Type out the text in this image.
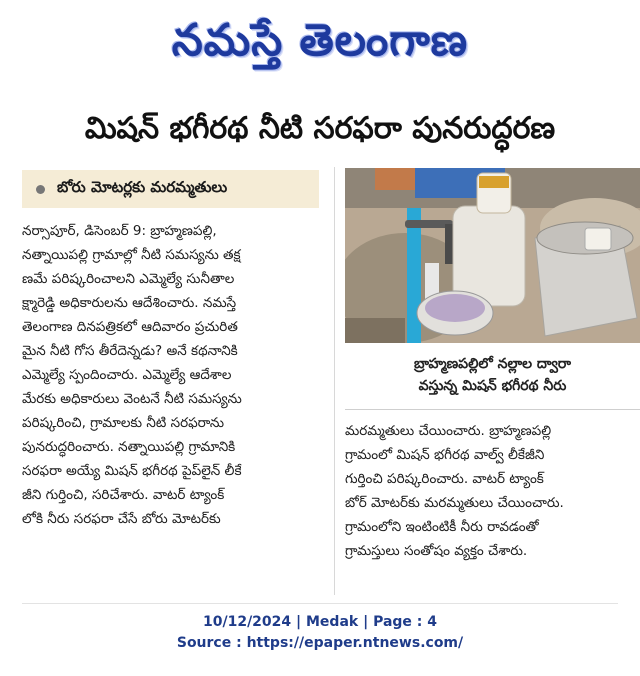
నమస్తే తెలంగాణ
మిషన్ భగీరథ నీటి సరఫరా పునరుద్ధరణ
బోరు మోటర్లకు మరమ్మతులు
నర్సాపూర్, డిసెంబర్ 9: బ్రాహ్మణపల్లి,
నత్నాయిపల్లి గ్రామాల్లో నీటి సమస్యను తక్ష
ణమే పరిష్కరించాలని ఎమ్మెల్యే సునీతాల
క్ష్మారెడ్డి అధికారులను ఆదేశించారు. నమస్తే
తెలంగాణ దినపత్రికలో ఆదివారం ప్రచురిత
మైన నీటి గోస తీరేదెన్నడు? అనే కథనానికి
ఎమ్మెల్యే స్పందించారు. ఎమ్మెల్యే ఆదేశాల
మేరకు అధికారులు వెంటనే నీటి సమస్యను
పరిష్కరించి, గ్రామాలకు నీటి సరఫరాను
పునరుద్ధరించారు. నత్నాయిపల్లి గ్రామానికి
సరఫరా అయ్యే మిషన్ భగీరథ పైప్‌లైన్ లీకే
జీని గుర్తించి, సరిచేశారు. వాటర్ ట్యాంక్
లోకి నీరు సరఫరా చేసే బోరు మోటర్‌కు
బ్రాహ్మణపల్లిలో నల్లాల ద్వారా
వస్తున్న మిషన్ భగీరథ నీరు
మరమ్మతులు చేయించారు. బ్రాహ్మణపల్లి
గ్రామంలో మిషన్ భగీరథ వాల్వ్ లీకేజీని
గుర్తించి పరిష్కరించారు. వాటర్ ట్యాంక్
బోర్ మోటర్‌కు మరమ్మతులు చేయించారు.
గ్రామంలోని ఇంటింటికీ నీరు రావడంతో
గ్రామస్తులు సంతోషం వ్యక్తం చేశారు.
10/12/2024 | Medak | Page : 4
Source : https://epaper.ntnews.com/
